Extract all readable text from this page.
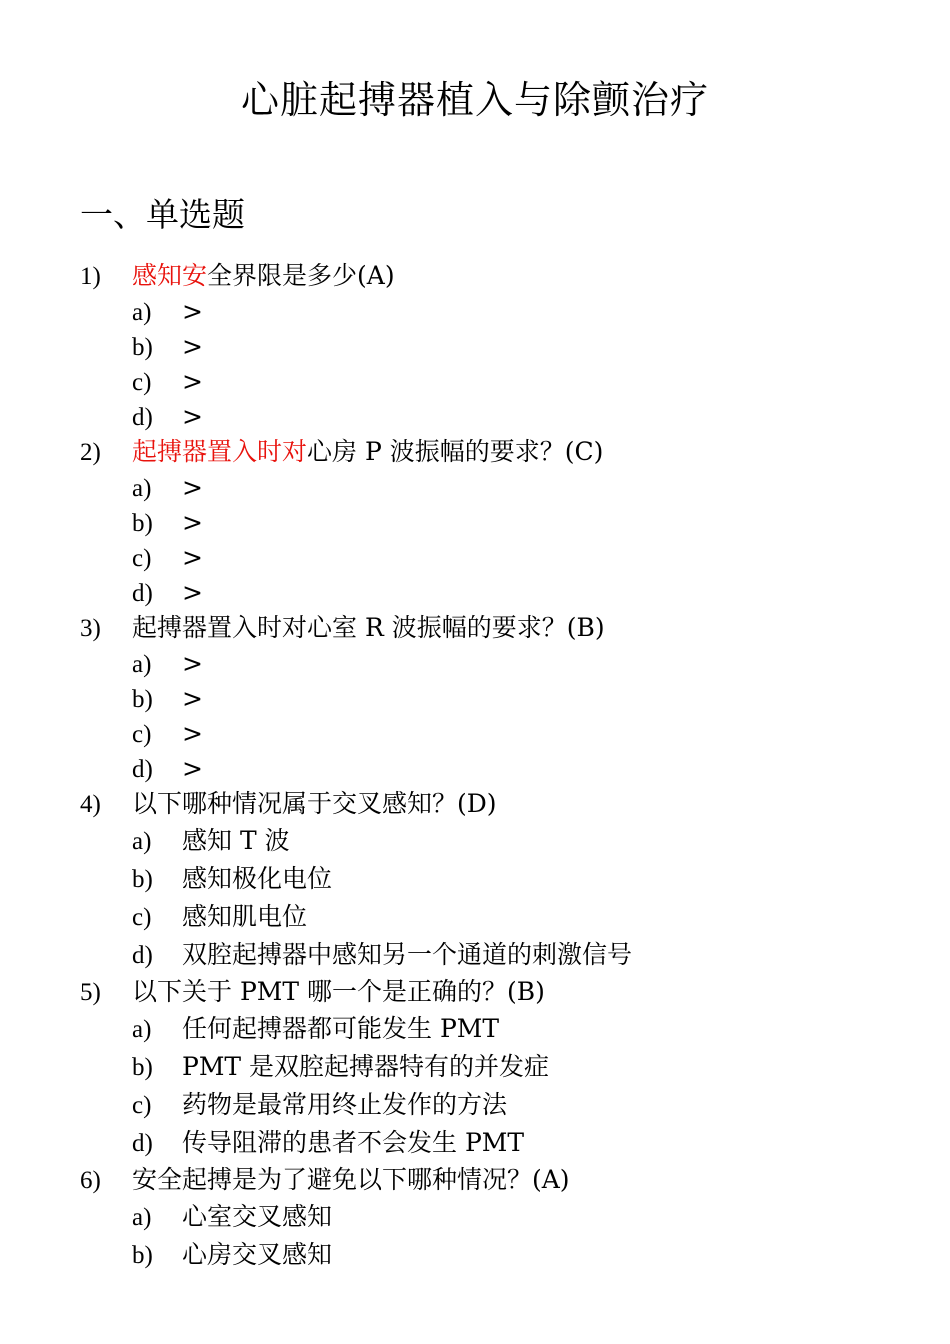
心脏起搏器植入与除颤治疗
一、单选题
1)	感知安全界限是多少(A)
a)	>
b)	>
c)	>
d)	>
2)	起搏器置入时对心房 P 波振幅的要求？(C)
a)	>
b)	>
c)	>
d)	>
3)	起搏器置入时对心室 R 波振幅的要求？(B)
a)	>
b)	>
c)	>
d)	>
4)	以下哪种情况属于交叉感知？(D)
a)	感知 T 波
b)	感知极化电位
c)	感知肌电位
d)	双腔起搏器中感知另一个通道的刺激信号
5)	以下关于 PMT 哪一个是正确的？(B)
a)	任何起搏器都可能发生 PMT
b)	PMT 是双腔起搏器特有的并发症
c)	药物是最常用终止发作的方法
d)	传导阻滞的患者不会发生 PMT
6)	安全起搏是为了避免以下哪种情况？(A)
a)	心室交叉感知
b)	心房交叉感知
